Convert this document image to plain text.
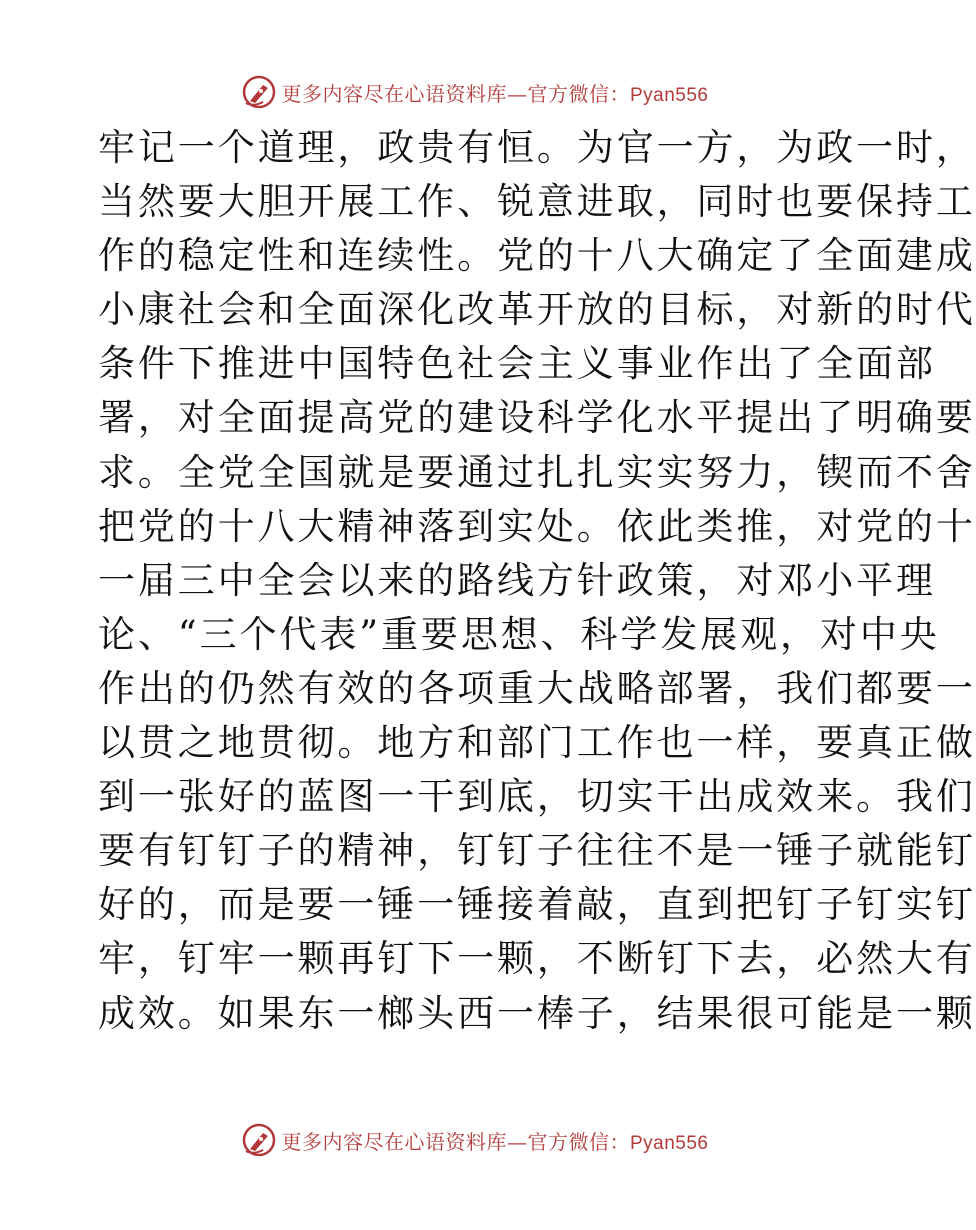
更多内容尽在心语资料库—官方微信：Pyan556
牢记一个道理，政贵有恒。为官一方，为政一时，
当然要大胆开展工作、锐意进取，同时也要保持工
作的稳定性和连续性。党的十八大确定了全面建成
小康社会和全面深化改革开放的目标，对新的时代
条件下推进中国特色社会主义事业作出了全面部
署，对全面提高党的建设科学化水平提出了明确要
求。全党全国就是要通过扎扎实实努力，锲而不舍
把党的十八大精神落到实处。依此类推，对党的十
一届三中全会以来的路线方针政策，对邓小平理
论、“三个代表”重要思想、科学发展观，对中央
作出的仍然有效的各项重大战略部署，我们都要一
以贯之地贯彻。地方和部门工作也一样，要真正做
到一张好的蓝图一干到底，切实干出成效来。我们
要有钉钉子的精神，钉钉子往往不是一锤子就能钉
好的，而是要一锤一锤接着敲，直到把钉子钉实钉
牢，钉牢一颗再钉下一颗，不断钉下去，必然大有
成效。如果东一榔头西一棒子，结果很可能是一颗
更多内容尽在心语资料库—官方微信：Pyan556
